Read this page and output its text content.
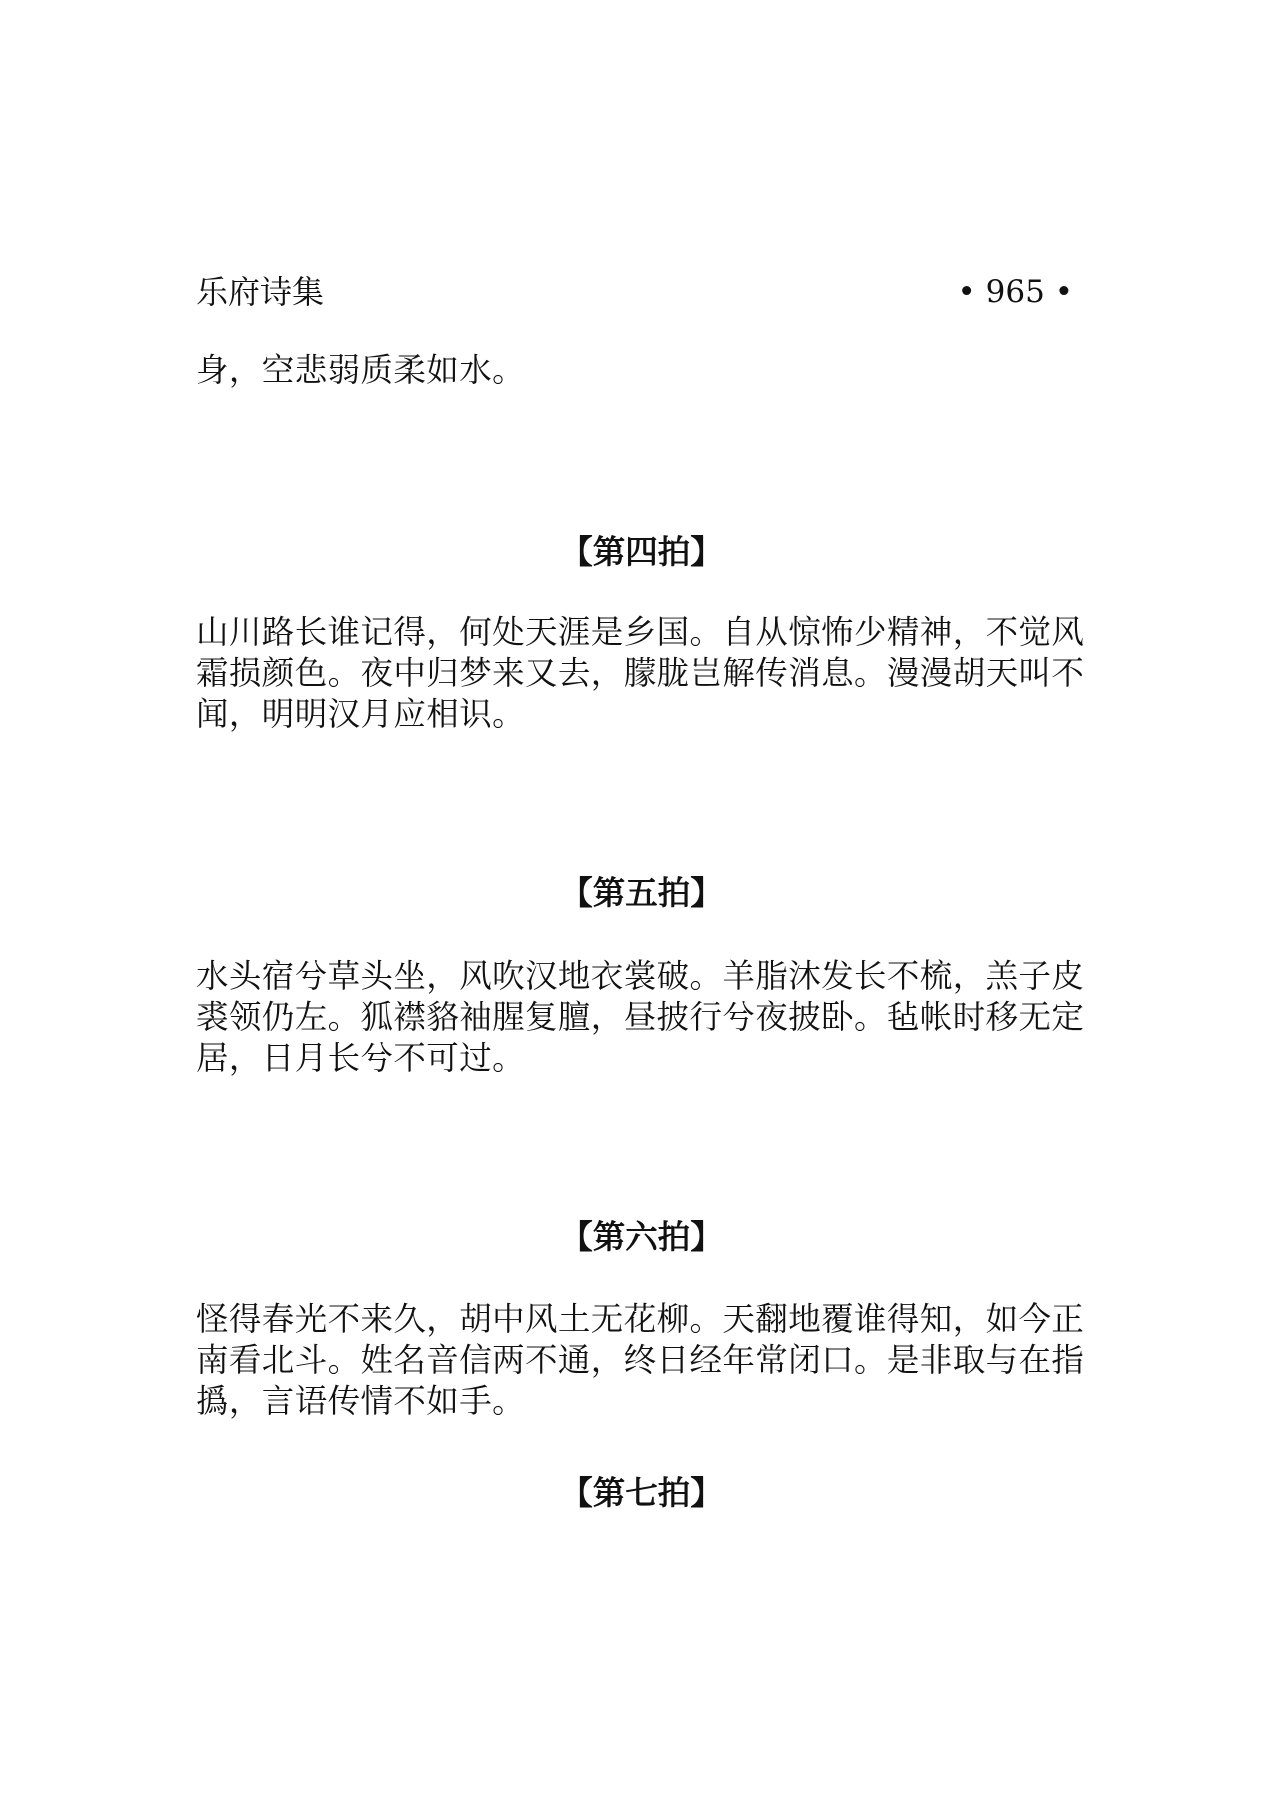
乐府诗集	• 965 •

身，空悲弱质柔如水。

【第四拍】

山川路长谁记得，何处天涯是乡国。自从惊怖少精神，不觉风霜损颜色。夜中归梦来又去，朦胧岂解传消息。漫漫胡天叫不闻，明明汉月应相识。

【第五拍】

水头宿兮草头坐，风吹汉地衣裳破。羊脂沐发长不梳，羔子皮裘领仍左。狐襟貉袖腥复膻，昼披行兮夜披卧。毡帐时移无定居，日月长兮不可过。

【第六拍】

怪得春光不来久，胡中风土无花柳。天翻地覆谁得知，如今正南看北斗。姓名音信两不通，终日经年常闭口。是非取与在指撝，言语传情不如手。

【第七拍】
